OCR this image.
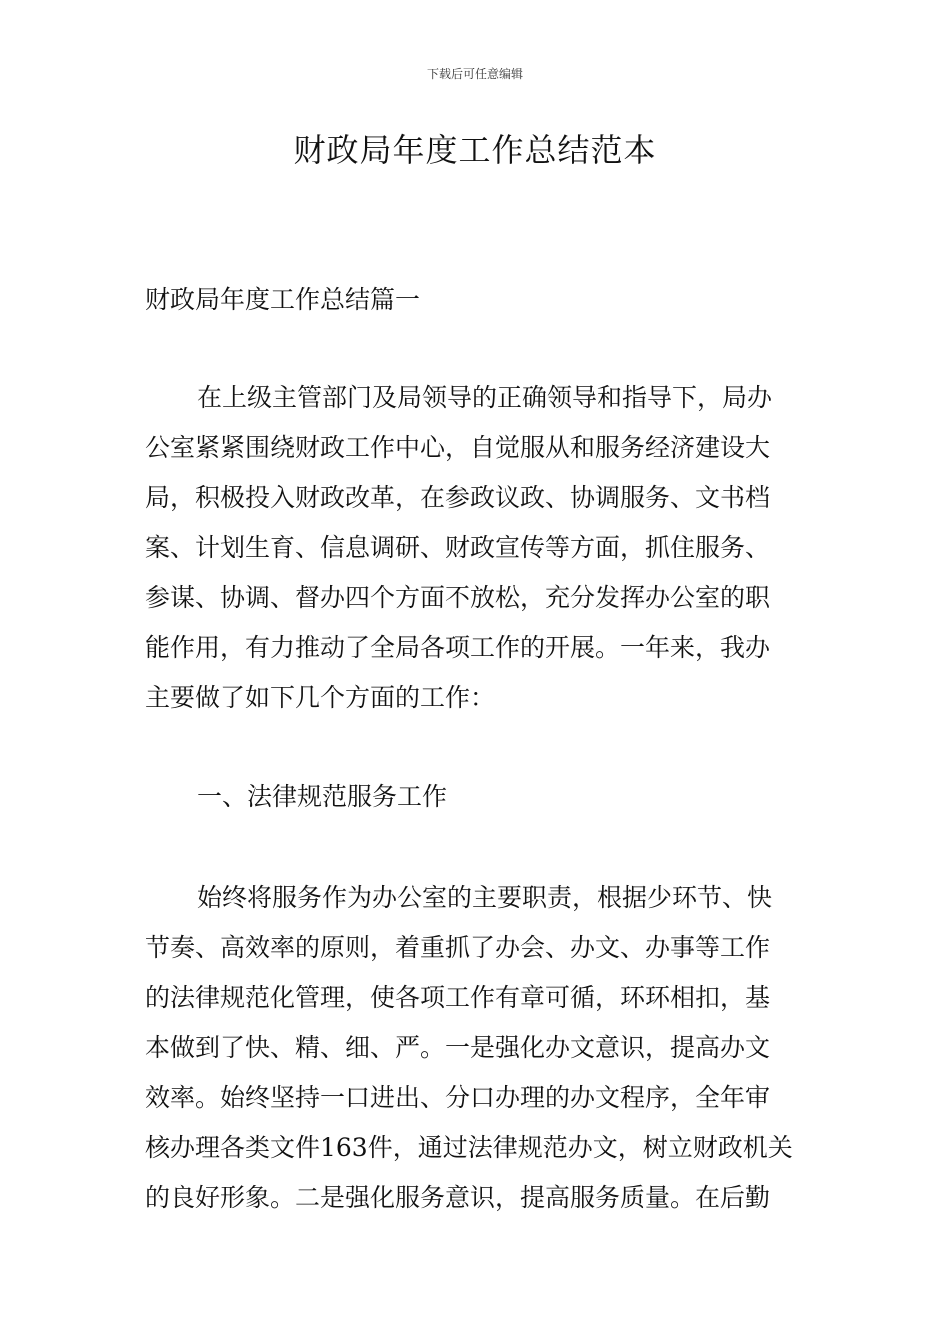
下载后可任意编辑
财政局年度工作总结范本
财政局年度工作总结篇一
在上级主管部门及局领导的正确领导和指导下，局办
公室紧紧围绕财政工作中心，自觉服从和服务经济建设大
局，积极投入财政改革，在参政议政、协调服务、文书档
案、计划生育、信息调研、财政宣传等方面，抓住服务、
参谋、协调、督办四个方面不放松，充分发挥办公室的职
能作用，有力推动了全局各项工作的开展。一年来，我办
主要做了如下几个方面的工作：
一、法律规范服务工作
始终将服务作为办公室的主要职责，根据少环节、快
节奏、高效率的原则，着重抓了办会、办文、办事等工作
的法律规范化管理，使各项工作有章可循，环环相扣，基
本做到了快、精、细、严。一是强化办文意识，提高办文
效率。始终坚持一口进出、分口办理的办文程序，全年审
核办理各类文件163件，通过法律规范办文，树立财政机关
的良好形象。二是强化服务意识，提高服务质量。在后勤
